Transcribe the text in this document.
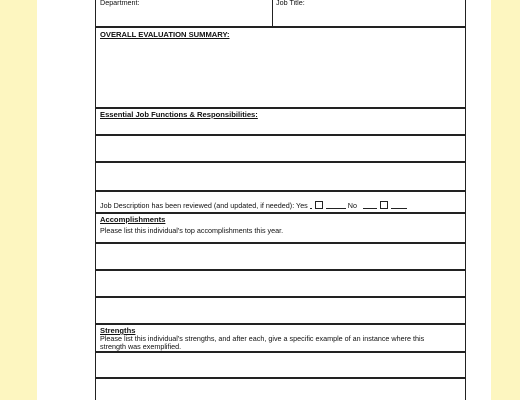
Department:	Job Title:
OVERALL EVALUATION SUMMARY:
Essential Job Functions & Responsibilities:
Job Description has been reviewed (and updated, if needed): Yes	No
Accomplishments
Please list this individual's top accomplishments this year.
Strengths
Please list this individual's strengths, and after each, give a specific example of an instance where this strength was exemplified.
